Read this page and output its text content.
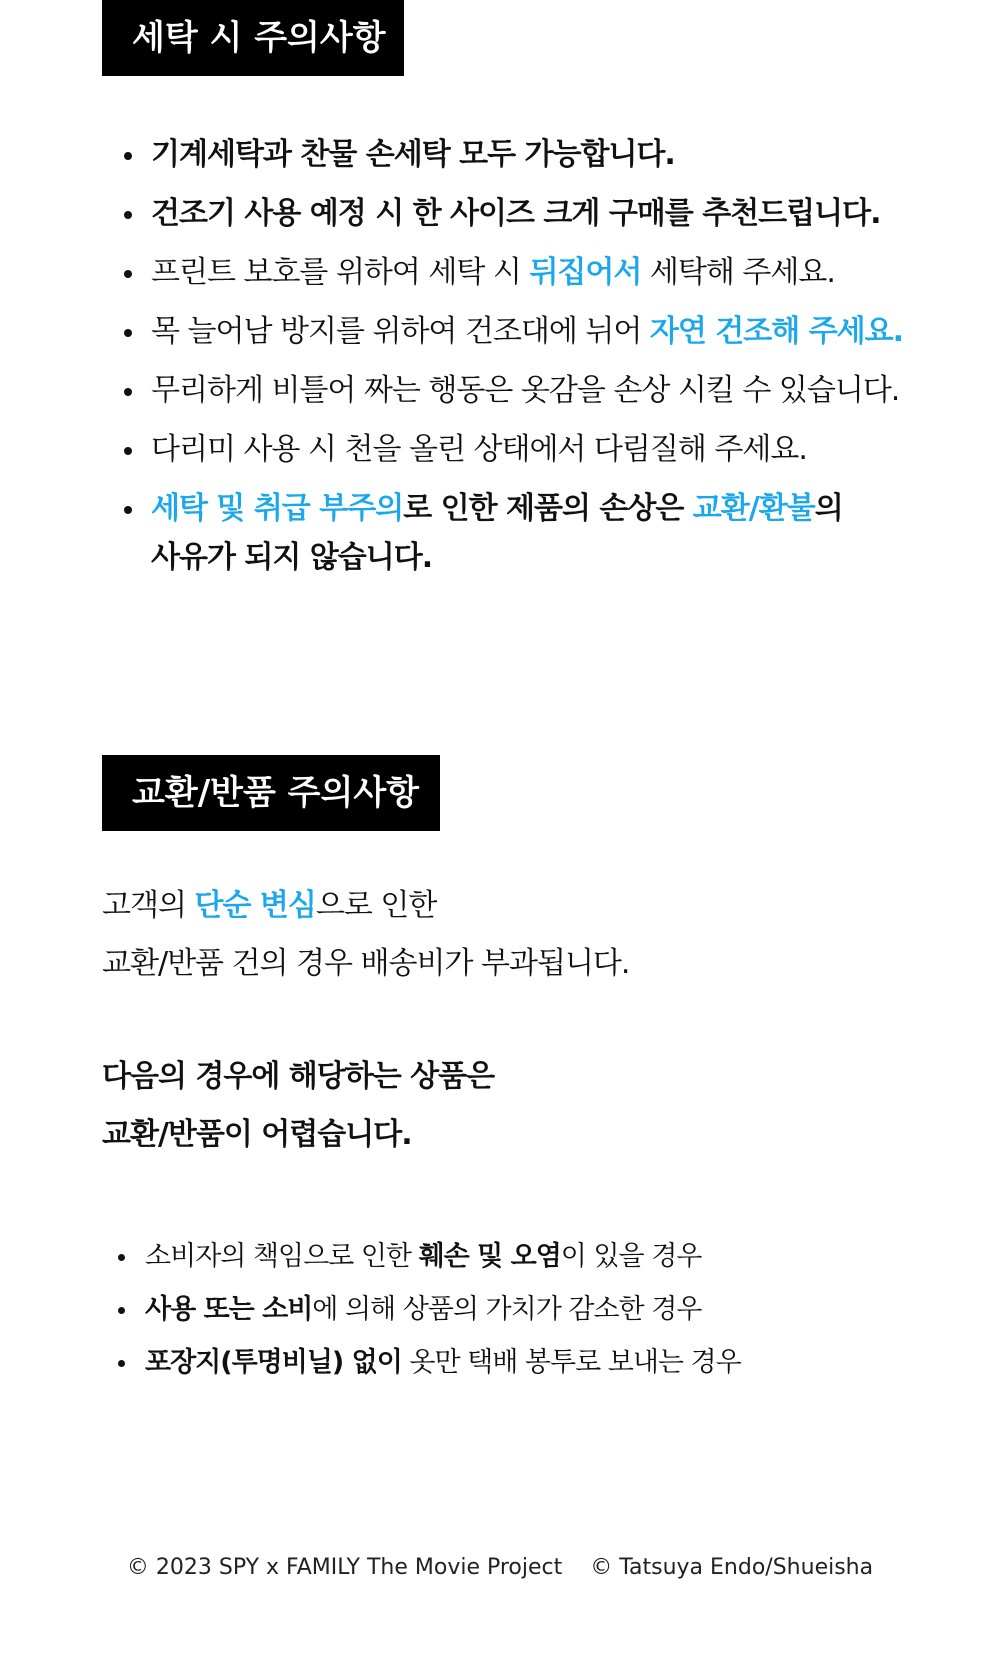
세탁 시 주의사항
기계세탁과 찬물 손세탁 모두 가능합니다.
건조기 사용 예정 시 한 사이즈 크게 구매를 추천드립니다.
프린트 보호를 위하여 세탁 시 뒤집어서 세탁해 주세요.
목 늘어남 방지를 위하여 건조대에 뉘어 자연 건조해 주세요.
무리하게 비틀어 짜는 행동은 옷감을 손상 시킬 수 있습니다.
다리미 사용 시 천을 올린 상태에서 다림질해 주세요.
세탁 및 취급 부주의로 인한 제품의 손상은 교환/환불의
사유가 되지 않습니다.
교환/반품 주의사항
고객의 단순 변심으로 인한
교환/반품 건의 경우 배송비가 부과됩니다.
다음의 경우에 해당하는 상품은
교환/반품이 어렵습니다.
소비자의 책임으로 인한 훼손 및 오염이 있을 경우
사용 또는 소비에 의해 상품의 가치가 감소한 경우
포장지(투명비닐) 없이 옷만 택배 봉투로 보내는 경우
© 2023 SPY x FAMILY The Movie Project    © Tatsuya Endo/Shueisha
